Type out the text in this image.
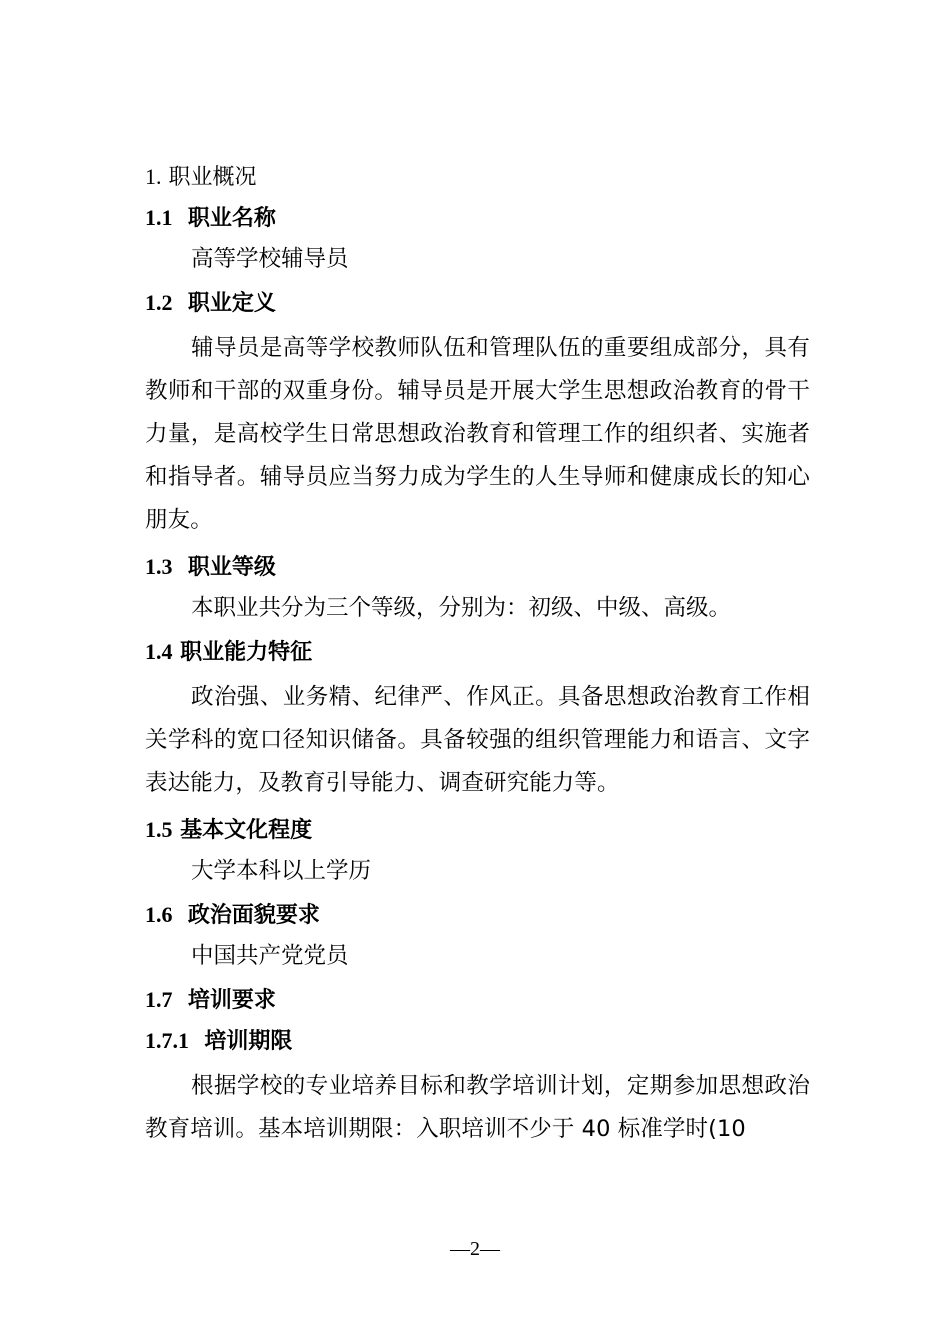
1. 职业概况
1.1 职业名称
高等学校辅导员
1.2 职业定义
辅导员是高等学校教师队伍和管理队伍的重要组成部分，具有教师和干部的双重身份。辅导员是开展大学生思想政治教育的骨干力量，是高校学生日常思想政治教育和管理工作的组织者、实施者和指导者。辅导员应当努力成为学生的人生导师和健康成长的知心朋友。
1.3 职业等级
本职业共分为三个等级，分别为：初级、中级、高级。
1.4 职业能力特征
政治强、业务精、纪律严、作风正。具备思想政治教育工作相关学科的宽口径知识储备。具备较强的组织管理能力和语言、文字表达能力，及教育引导能力、调查研究能力等。
1.5 基本文化程度
大学本科以上学历
1.6 政治面貌要求
中国共产党党员
1.7 培训要求
1.7.1 培训期限
根据学校的专业培养目标和教学培训计划，定期参加思想政治教育培训。基本培训期限：入职培训不少于 40 标准学时(10
—2—
